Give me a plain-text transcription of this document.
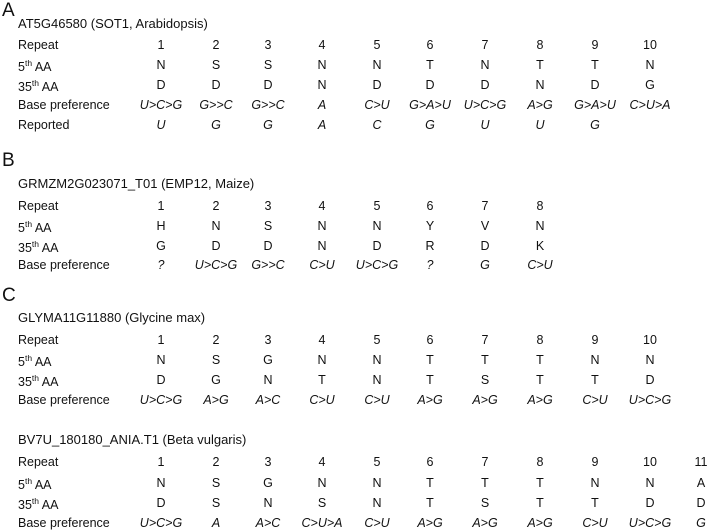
A
AT5G46580 (SOT1, Arabidopsis)
Repeat	1	2	3	4	5	6	7	8	9	10
5th AA	N	S	S	N	N	T	N	T	T	N
35th AA	D	D	D	N	D	D	D	N	D	G
Base preference	U>C>G	G>>C	G>>C	A	C>U	G>A>U	U>C>G	A>G	G>A>U	C>U>A
Reported	U	G	G	A	C	G	U	U	G
B
GRMZM2G023071_T01 (EMP12, Maize)
Repeat	1	2	3	4	5	6	7	8
5th AA	H	N	S	N	N	Y	V	N
35th AA	G	D	D	N	D	R	D	K
Base preference	?	U>C>G	G>>C	C>U	U>C>G	?	G	C>U
C
GLYMA11G11880 (Glycine max)
Repeat	1	2	3	4	5	6	7	8	9	10
5th AA	N	S	G	N	N	T	T	T	N	N
35th AA	D	G	N	T	N	T	S	T	T	D
Base preference	U>C>G	A>G	A>C	C>U	C>U	A>G	A>G	A>G	C>U	U>C>G
BV7U_180180_ANIA.T1 (Beta vulgaris)
Repeat	1	2	3	4	5	6	7	8	9	10	11
5th AA	N	S	G	N	N	T	T	T	N	N	A
35th AA	D	S	N	S	N	T	S	T	T	D	D
Base preference	U>C>G	A	A>C	C>U>A	C>U	A>G	A>G	A>G	C>U	U>C>G	G
